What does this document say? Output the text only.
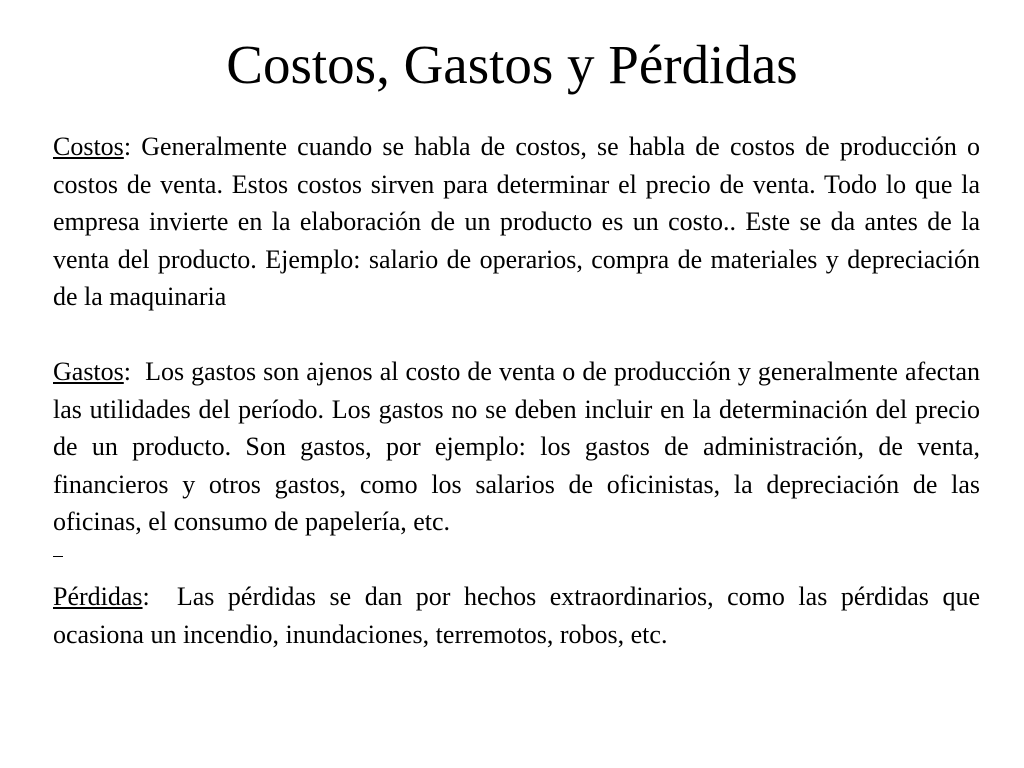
Costos, Gastos y Pérdidas

Costos: Generalmente cuando se habla de costos, se habla de costos de producción o costos de venta. Estos costos sirven para determinar el precio de venta. Todo lo que la empresa invierte en la elaboración de un producto es un costo.. Este se da antes de la venta del producto. Ejemplo: salario de operarios, compra de materiales y depreciación de la maquinaria

Gastos:  Los gastos son ajenos al costo de venta o de producción y generalmente afectan las utilidades del período. Los gastos no se deben incluir en la determinación del precio de un producto. Son gastos, por ejemplo: los gastos de administración, de venta, financieros y otros gastos, como los salarios de oficinistas, la depreciación de las oficinas, el consumo de papelería, etc.

Pérdidas:  Las pérdidas se dan por hechos extraordinarios, como las pérdidas que ocasiona un incendio, inundaciones, terremotos, robos, etc.
